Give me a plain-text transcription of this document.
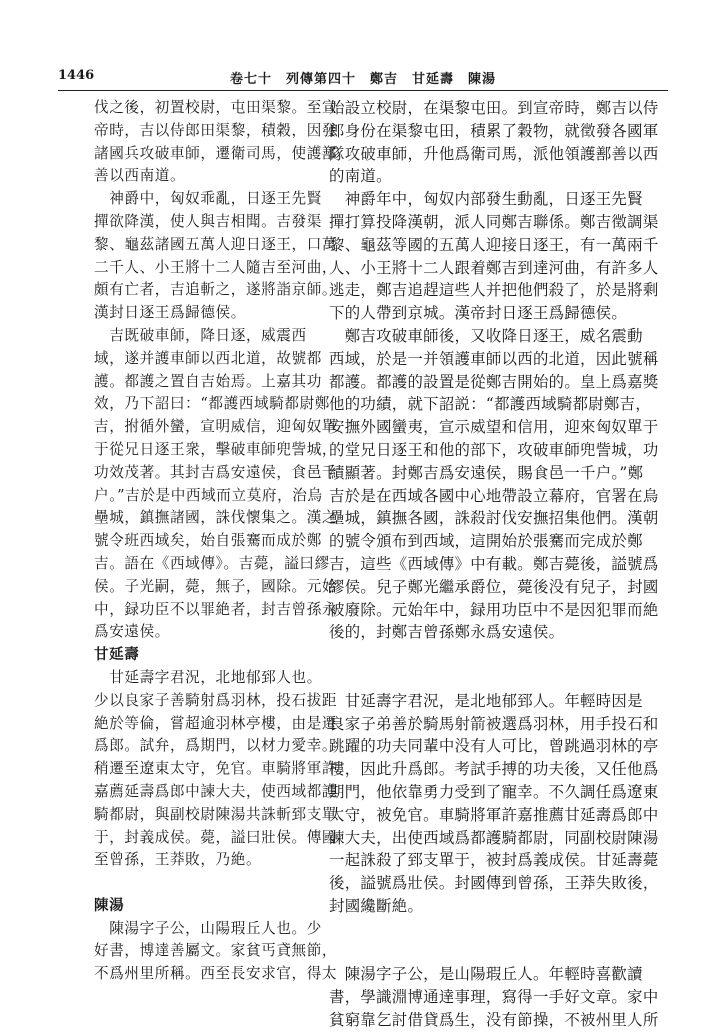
1446	卷七十　列傳第四十　鄭吉　甘延壽　陳湯
伐之後，初置校尉，屯田渠黎。至宣
帝時，吉以侍郎田渠黎，積穀，因發
諸國兵攻破車師，遷衛司馬，使護鄯
善以西南道。
　神爵中，匈奴乖亂，日逐王先賢
撣欲降漢，使人與吉相聞。吉發渠
黎、龜茲諸國五萬人迎日逐王，口萬
二千人、小王將十二人隨吉至河曲，
頗有亡者，吉追斬之，遂將詣京師。
漢封日逐王爲歸德侯。
　吉既破車師，降日逐，威震西
域，遂并護車師以西北道，故號都
護。都護之置自吉始焉。上嘉其功
效，乃下詔曰：“都護西域騎都尉鄭
吉，拊循外蠻，宣明威信，迎匈奴單
于從兄日逐王衆，擊破車師兜訾城，
功效茂著。其封吉爲安遠侯，食邑千
户。”吉於是中西域而立莫府，治烏
壘城，鎮撫諸國，誅伐懷集之。漢之
號令班西域矣，始自張騫而成於鄭
吉。語在《西域傳》。吉薨，謚曰繆
侯。子光嗣，薨，無子，國除。元始
中，録功臣不以罪絶者，封吉曾孫永
爲安遠侯。
甘延壽
　甘延壽字君況，北地郁郅人也。
少以良家子善騎射爲羽林，投石拔距
絶於等倫，嘗超逾羽林亭樓，由是遷
爲郎。試弁，爲期門，以材力愛幸。
稍遷至遼東太守，免官。車騎將軍許
嘉薦延壽爲郎中諫大夫，使西域都護
騎都尉，與副校尉陳湯共誅斬郅支單
于，封義成侯。薨，謚曰壯侯。傳國
至曾孫，王莽敗，乃絶。
陳湯
　陳湯字子公，山陽瑕丘人也。少
好書，博達善屬文。家貧丐貣無節，
不爲州里所稱。西至長安求官，得太
始設立校尉，在渠黎屯田。到宣帝時，鄭吉以侍
郎身份在渠黎屯田，積累了穀物，就徵發各國軍
隊攻破車師，升他爲衛司馬，派他領護鄯善以西
的南道。
　神爵年中，匈奴内部發生動亂，日逐王先賢
撣打算投降漢朝，派人同鄭吉聯係。鄭吉徵調渠
黎、龜茲等國的五萬人迎接日逐王，有一萬兩千
人、小王將十二人跟着鄭吉到達河曲，有許多人
逃走，鄭吉追趕這些人并把他們殺了，於是將剩
下的人帶到京城。漢帝封日逐王爲歸德侯。
　鄭吉攻破車師後，又收降日逐王，威名震動
西域，於是一并領護車師以西的北道，因此號稱
都護。都護的設置是從鄭吉開始的。皇上爲嘉獎
他的功績，就下詔説：“都護西域騎都尉鄭吉，
安撫外國蠻夷，宣示威望和信用，迎來匈奴單于
的堂兄日逐王和他的部下，攻破車師兜訾城，功
績顯著。封鄭吉爲安遠侯，賜食邑一千户。”鄭
吉於是在西域各國中心地帶設立幕府，官署在烏
壘城，鎮撫各國，誅殺討伐安撫招集他們。漢朝
的號令頒布到西域，這開始於張騫而完成於鄭
吉，這些《西域傳》中有載。鄭吉薨後，謚號爲
繆侯。兒子鄭光繼承爵位，薨後没有兒子，封國
被廢除。元始年中，録用功臣中不是因犯罪而絶
後的，封鄭吉曾孫鄭永爲安遠侯。
　甘延壽字君況，是北地郁郅人。年輕時因是
良家子弟善於騎馬射箭被選爲羽林，用手投石和
跳躍的功夫同輩中没有人可比，曾跳過羽林的亭
樓，因此升爲郎。考試手搏的功夫後，又任他爲
期門，他依靠勇力受到了寵幸。不久調任爲遼東
太守，被免官。車騎將軍許嘉推薦甘延壽爲郎中
諫大夫，出使西域爲都護騎都尉，同副校尉陳湯
一起誅殺了郅支單于，被封爲義成侯。甘延壽薨
後，謚號爲壯侯。封國傳到曾孫，王莽失敗後，
封國纔斷絶。
　陳湯字子公，是山陽瑕丘人。年輕時喜歡讀
書，學識淵博通達事理，寫得一手好文章。家中
貧窮靠乞討借貸爲生，没有節操，不被州里人所
